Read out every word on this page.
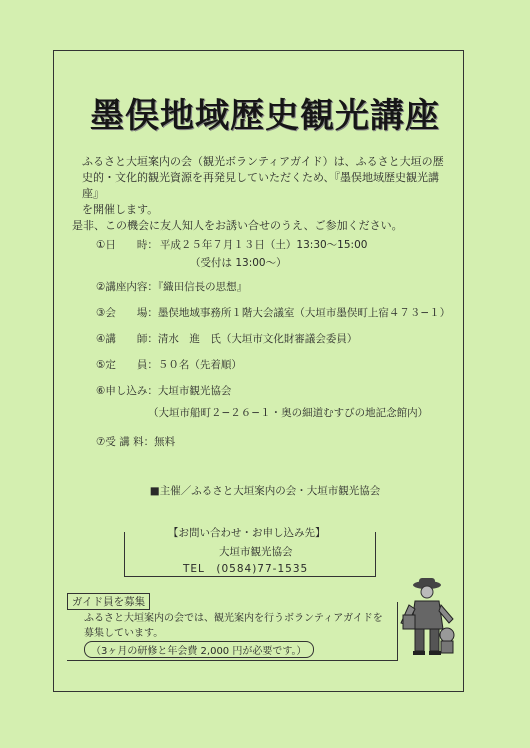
墨俣地域歴史観光講座

ふるさと大垣案内の会（観光ボランティアガイド）は、ふるさと大垣の歴

史的・文化的観光資源を再発見していただくため、『墨俣地域歴史観光講座』

を開催します。

是非、この機会に友人知人をお誘い合せのうえ、ご参加ください。

①日　　時： 平成２５年７月１３日（土）13:30〜15:00
（受付は 13:00〜）
②講座内容：『織田信長の思想』
③会　　場：墨俣地域事務所１階大会議室（大垣市墨俣町上宿４７３−１）
④講　　師：清水　進　氏（大垣市文化財審議会委員）
⑤定　　員：５０名（先着順）
⑥申し込み：大垣市観光協会
（大垣市船町２−２６−１・奥の細道むすびの地記念館内）
⑦受 講 料：無料
■主催／ふるさと大垣案内の会・大垣市観光協会
【お問い合わせ・お申し込み先】
大垣市観光協会
TEL　(0584)77-1535
ガイド員を募集
ふるさと大垣案内の会では、観光案内を行うボランティアガイドを
募集しています。
（3ヶ月の研修と年会費 2,000 円が必要です。）
